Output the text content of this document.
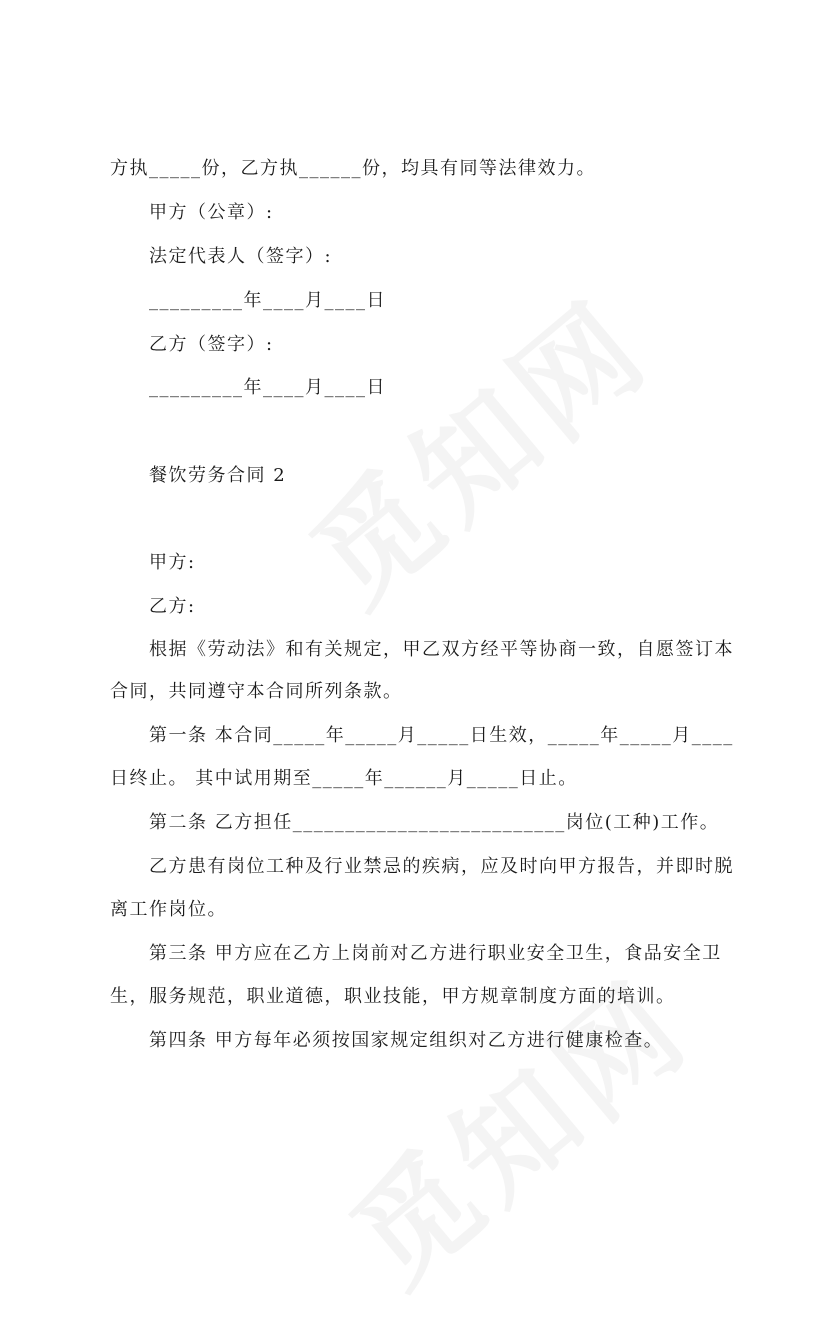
方执_____份，乙方执______份，均具有同等法律效力。
甲方（公章）:
法定代表人（签字）:
_________年____月____日
乙方（签字）:
_________年____月____日
餐饮劳务合同 2
甲方:
乙方:
根据《劳动法》和有关规定，甲乙双方经平等协商一致，自愿签订本
合同，共同遵守本合同所列条款。
第一条 本合同_____年_____月_____日生效，_____年_____月____
日终止。 其中试用期至_____年______月_____日止。
第二条 乙方担任__________________________岗位(工种)工作。
乙方患有岗位工种及行业禁忌的疾病，应及时向甲方报告，并即时脱
离工作岗位。
第三条 甲方应在乙方上岗前对乙方进行职业安全卫生，食品安全卫
生，服务规范，职业道德，职业技能，甲方规章制度方面的培训。
第四条 甲方每年必须按国家规定组织对乙方进行健康检查。
